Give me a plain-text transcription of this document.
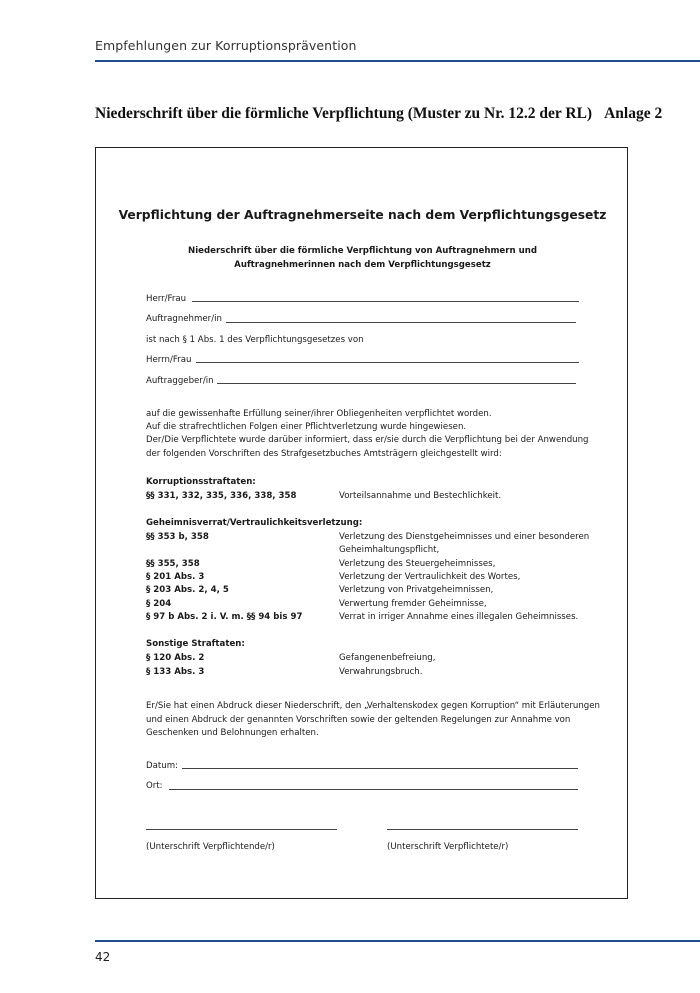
Empfehlungen zur Korruptionsprävention
Niederschrift über die förmliche Verpflichtung (Muster zu Nr. 12.2 der RL) Anlage 2
Verpflichtung der Auftragnehmerseite nach dem Verpflichtungsgesetz
Niederschrift über die förmliche Verpflichtung von Auftragnehmern und
Auftragnehmerinnen nach dem Verpflichtungsgesetz
Herr/Frau
Auftragnehmer/in
ist nach § 1 Abs. 1 des Verpflichtungsgesetzes von
Herrn/Frau
Auftraggeber/in
auf die gewissenhafte Erfüllung seiner/ihrer Obliegenheiten verpflichtet worden.
Auf die strafrechtlichen Folgen einer Pflichtverletzung wurde hingewiesen.
Der/Die Verpflichtete wurde darüber informiert, dass er/sie durch die Verpflichtung bei der Anwendung
der folgenden Vorschriften des Strafgesetzbuches Amtsträgern gleichgestellt wird:
Korruptionsstraftaten:
§§ 331, 332, 335, 336, 338, 358	Vorteilsannahme und Bestechlichkeit.
Geheimnisverrat/Vertraulichkeitsverletzung:
§§ 353 b, 358	Verletzung des Dienstgeheimnisses und einer besonderen
Geheimhaltungspflicht,
§§ 355, 358	Verletzung des Steuergeheimnisses,
§ 201 Abs. 3	Verletzung der Vertraulichkeit des Wortes,
§ 203 Abs. 2, 4, 5	Verletzung von Privatgeheimnissen,
§ 204	Verwertung fremder Geheimnisse,
§ 97 b Abs. 2 i. V. m. §§ 94 bis 97	Verrat in irriger Annahme eines illegalen Geheimnisses.
Sonstige Straftaten:
§ 120 Abs. 2	Gefangenenbefreiung,
§ 133 Abs. 3	Verwahrungsbruch.
Er/Sie hat einen Abdruck dieser Niederschrift, den „Verhaltenskodex gegen Korruption“ mit Erläuterungen
und einen Abdruck der genannten Vorschriften sowie der geltenden Regelungen zur Annahme von
Geschenken und Belohnungen erhalten.
Datum:
Ort:
(Unterschrift Verpflichtende/r)	(Unterschrift Verpflichtete/r)
42
